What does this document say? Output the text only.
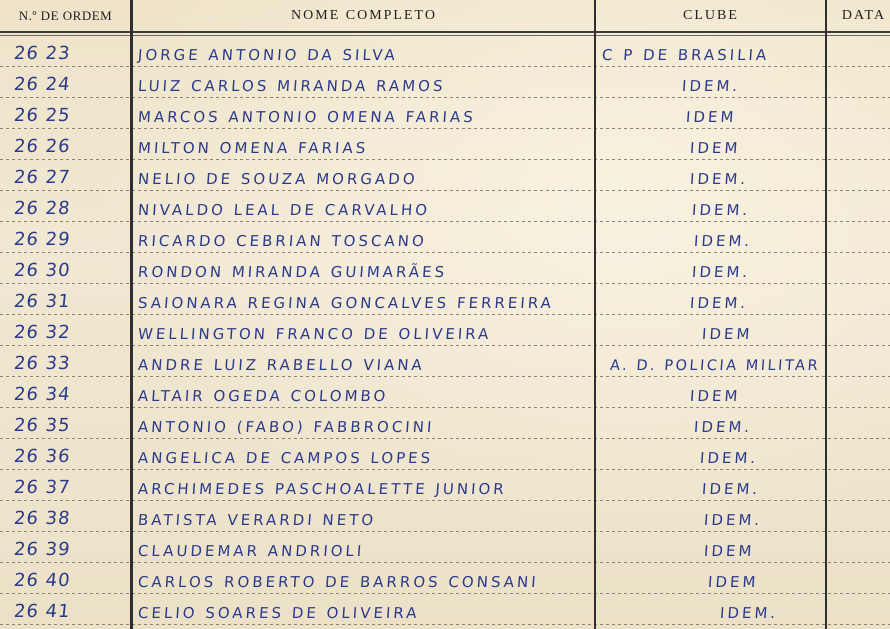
N.º DE ORDEM	NOME COMPLETO	CLUBE	DATA
26 23	JORGE ANTONIO DA SILVA	C P DE BRASILIA
26 24	LUIZ CARLOS MIRANDA RAMOS	IDEM.
26 25	MARCOS ANTONIO OMENA FARIAS	IDEM
26 26	MILTON OMENA FARIAS	IDEM
26 27	NELIO DE SOUZA MORGADO	IDEM.
26 28	NIVALDO LEAL DE CARVALHO	IDEM.
26 29	RICARDO CEBRIAN TOSCANO	IDEM.
26 30	RONDON MIRANDA GUIMARÃES	IDEM.
26 31	SAIONARA REGINA GONCALVES FERREIRA	IDEM.
26 32	WELLINGTON FRANCO DE OLIVEIRA	IDEM
26 33	ANDRE LUIZ RABELLO VIANA	A. D. POLICIA MILITAR
26 34	ALTAIR OGEDA COLOMBO	IDEM
26 35	ANTONIO (FABO) FABBROCINI	IDEM.
26 36	ANGELICA DE CAMPOS LOPES	IDEM.
26 37	ARCHIMEDES PASCHOALETTE JUNIOR	IDEM.
26 38	BATISTA VERARDI NETO	IDEM.
26 39	CLAUDEMAR ANDRIOLI	IDEM
26 40	CARLOS ROBERTO DE BARROS CONSANI	IDEM
26 41	CELIO SOARES DE OLIVEIRA	IDEM.
